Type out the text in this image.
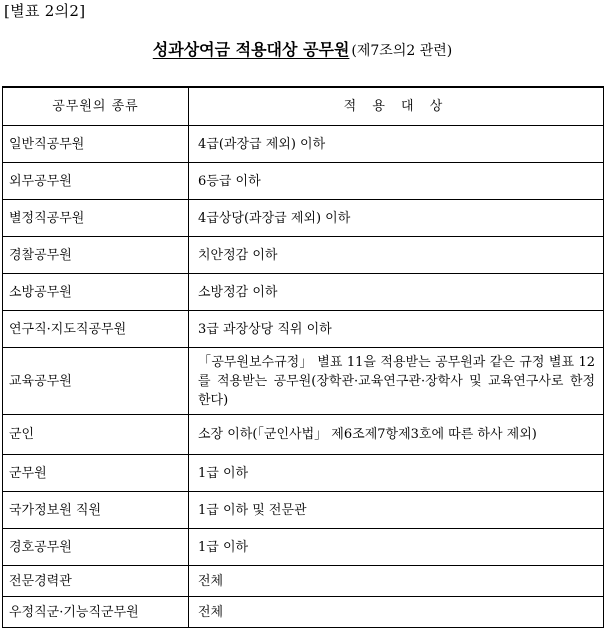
[별표 2의2]
성과상여금 적용대상 공무원 (제7조의2 관련)
공무원의 종류	적 용 대 상
일반직공무원	4급(과장급 제외) 이하
외무공무원	6등급 이하
별정직공무원	4급상당(과장급 제외) 이하
경찰공무원	치안정감 이하
소방공무원	소방정감 이하
연구직·지도직공무원	3급 과장상당 직위 이하
교육공무원	「공무원보수규정」 별표 11을 적용받는 공무원과 같은 규정 별표 12를 적용받는 공무원(장학관·교육연구관·장학사 및 교육연구사로 한정한다)
군인	소장 이하(「군인사법」 제6조제7항제3호에 따른 하사 제외)
군무원	1급 이하
국가정보원 직원	1급 이하 및 전문관
경호공무원	1급 이하
전문경력관	전체
우정직군·기능직군무원	전체
